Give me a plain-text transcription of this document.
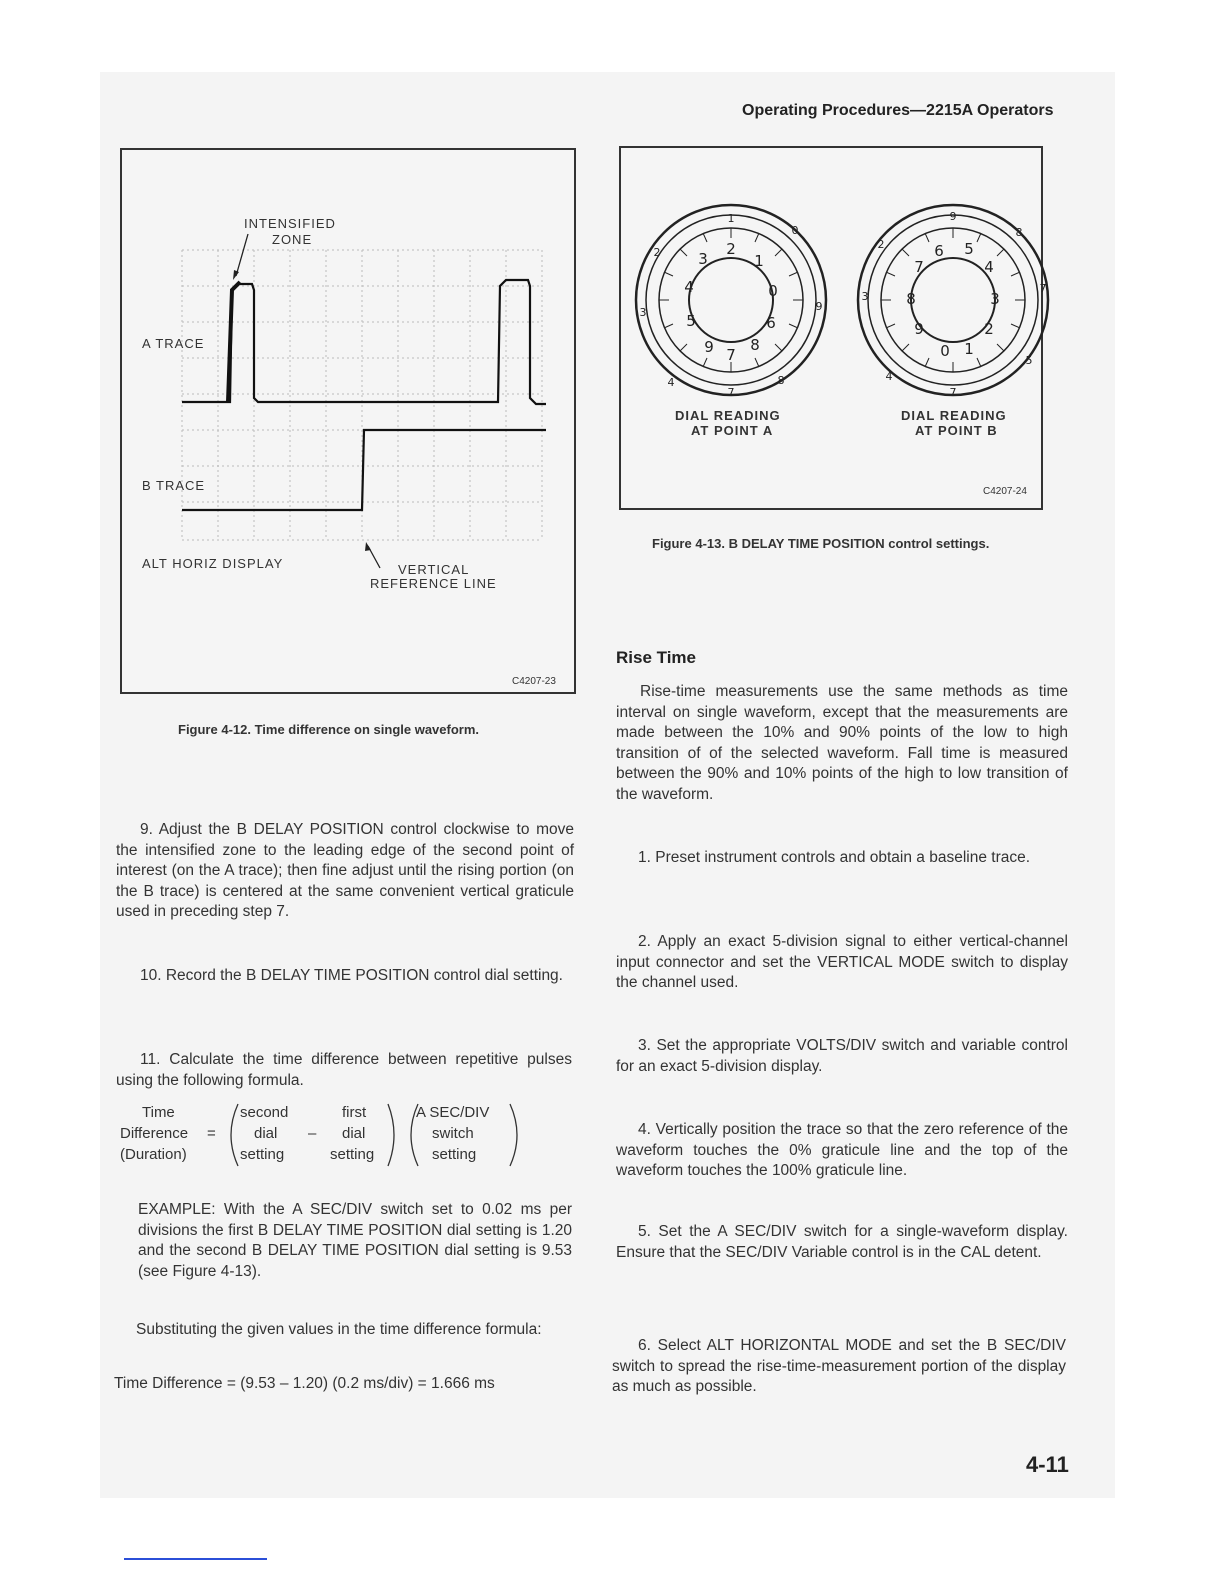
Operating Procedures—2215A Operators
INTENSIFIED
ZONE
A TRACE
B TRACE
ALT HORIZ DISPLAY	VERTICAL
REFERENCE LINE
C4207-23
Figure 4-12. Time difference on single waveform.
2
3	1
4	0
5	6
9 7
8
1
0
9
8
7
4
3
2	6 5
7	4
8	3
9	2
0 1
9
8
7
5
7
4
3
2
DIAL READING
AT POINT A
DIAL READING
AT POINT B
C4207-24
Figure 4-13. B DELAY TIME POSITION control settings.

9. Adjust the B DELAY POSITION control clockwise to move the intensified zone to the leading edge of the second point of interest (on the A trace); then fine adjust until the rising portion (on the B trace) is centered at the same convenient vertical graticule used in preceding step 7.

10. Record the B DELAY TIME POSITION control dial setting.

11. Calculate the time difference between repetitive pulses using the following formula.

Time
Difference
(Duration)
=
second
dial
setting
–
first
dial
setting
A SEC/DIV
switch
setting

EXAMPLE: With the A SEC/DIV switch set to 0.02 ms per divisions the first B DELAY TIME POSITION dial setting is 1.20 and the second B DELAY TIME POSITION dial setting is 9.53 (see Figure 4-13).

Substituting the given values in the time difference formula:

Time Difference = (9.53 – 1.20) (0.2 ms/div) = 1.666 ms

Rise Time

Rise-time measurements use the same methods as time interval on single waveform, except that the measurements are made between the 10% and 90% points of the low to high transition of of the selected waveform. Fall time is measured between the 90% and 10% points of the high to low transition of the waveform.

1. Preset instrument controls and obtain a baseline trace.

2. Apply an exact 5-division signal to either vertical-channel input connector and set the VERTICAL MODE switch to display the channel used.

3. Set the appropriate VOLTS/DIV switch and variable control for an exact 5-division display.

4. Vertically position the trace so that the zero reference of the waveform touches the 0% graticule line and the top of the waveform touches the 100% graticule line.

5. Set the A SEC/DIV switch for a single-waveform display. Ensure that the SEC/DIV Variable control is in the CAL detent.

6. Select ALT HORIZONTAL MODE and set the B SEC/DIV switch to spread the rise-time-measurement portion of the display as much as possible.

4-11
